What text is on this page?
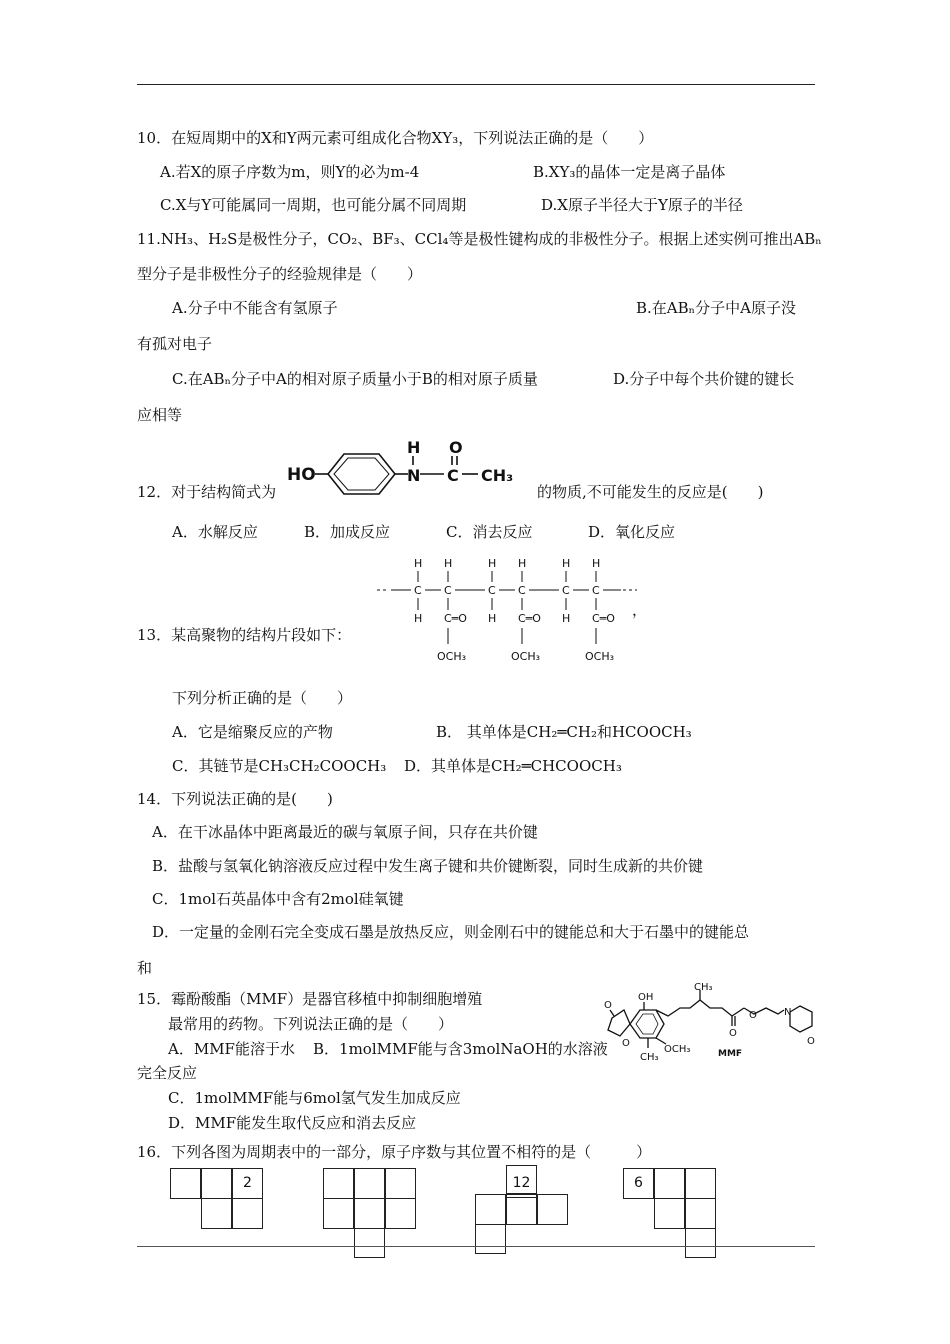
10．在短周期中的X和Y两元素可组成化合物XY₃，下列说法正确的是（　　）
A.若X的原子序数为m，则Y的必为m-4	B.XY₃的晶体一定是离子晶体
C.X与Y可能属同一周期，也可能分属不同周期	D.X原子半径大于Y原子的半径
11.NH₃、H₂S是极性分子，CO₂、BF₃、CCl₄等是极性键构成的非极性分子。根据上述实例可推出ABₙ
型分子是非极性分子的经验规律是（　　）
A.分子中不能含有氢原子	B.在ABₙ分子中A原子没
有孤对电子
C.在ABₙ分子中A的相对原子质量小于B的相对原子质量	D.分子中每个共价键的键长
应相等
12．对于结构简式为
HO
H
N
O
C CH₃
的物质,不可能发生的反应是(　　)
A．水解反应	B．加成反应	C．消去反应	D．氧化反应
13．某高聚物的结构片段如下：
C C	C C	C C
H H	H H	H H
H	H	H
C═O	C═O	C═O
OCH₃	OCH₃	OCH₃
，
下列分析正确的是（　　）
A．它是缩聚反应的产物	B． 其单体是CH₂═CH₂和HCOOCH₃
C．其链节是CH₃CH₂COOCH₃ D．其单体是CH₂═CHCOOCH₃
14．下列说法正确的是(　　)
A．在干冰晶体中距离最近的碳与氧原子间，只存在共价键
B．盐酸与氢氧化钠溶液反应过程中发生离子键和共价键断裂，同时生成新的共价键
C．1mol石英晶体中含有2mol硅氧键
D．一定量的金刚石完全变成石墨是放热反应，则金刚石中的键能总和大于石墨中的键能总
和
15．霉酚酸酯（MMF）是器官移植中抑制细胞增殖
最常用的药物。下列说法正确的是（　　）
A．MMF能溶于水 B．1molMMF能与含3molNaOH的水溶液
完全反应
C．1molMMF能与6mol氢气发生加成反应
D．MMF能发生取代反应和消去反应
O
O
OH
CH₃
O
O	N
O
OCH₃
CH₃	MMF
16．下列各图为周期表中的一部分，原子序数与其位置不相符的是（　　　）
2	12	6
